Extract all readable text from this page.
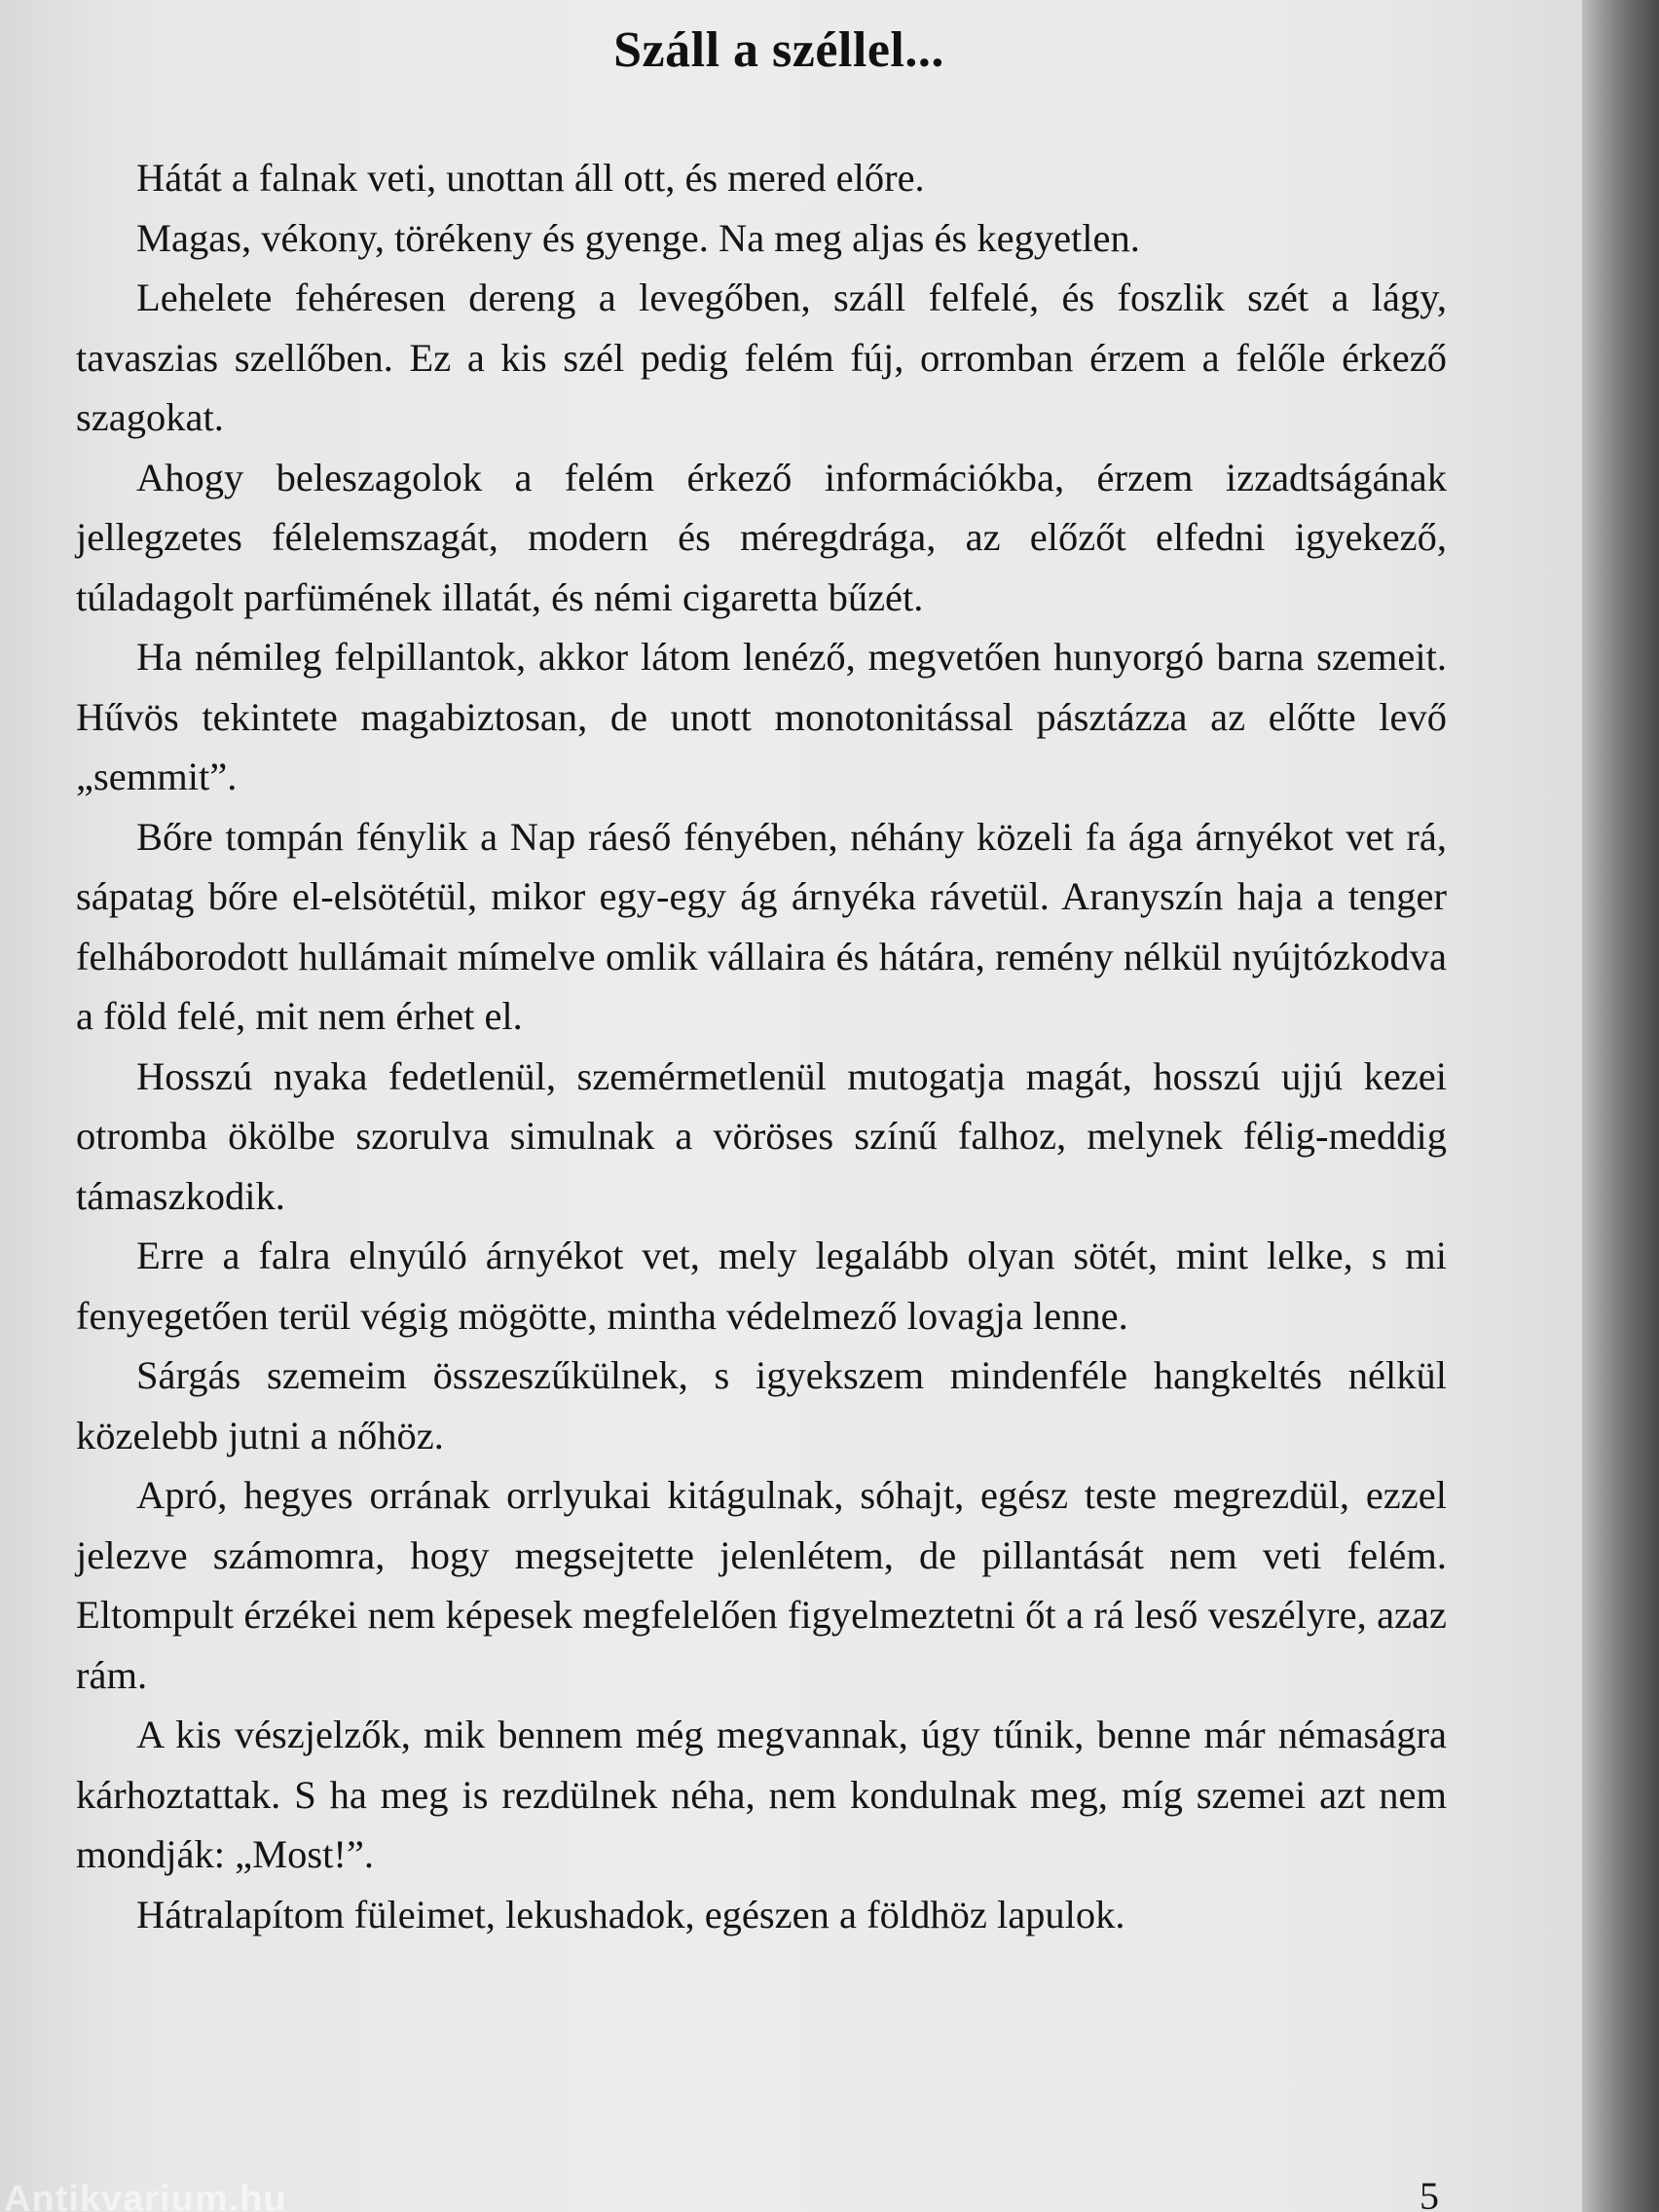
Száll a széllel...

Hátát a falnak veti, unottan áll ott, és mered előre.

Magas, vékony, törékeny és gyenge. Na meg aljas és kegyetlen.

Lehelete fehéresen dereng a levegőben, száll felfelé, és foszlik szét a lágy, tavaszias szellőben. Ez a kis szél pedig felém fúj, orromban érzem a felőle érkező szagokat.

Ahogy beleszagolok a felém érkező információkba, érzem izzadtságának jellegzetes félelemszagát, modern és méregdrága, az előzőt elfedni igyekező, túladagolt parfümének illatát, és némi cigaretta bűzét.

Ha némileg felpillantok, akkor látom lenéző, megvetően hunyorgó barna szemeit. Hűvös tekintete magabiztosan, de unott monotonitással pásztázza az előtte levő „semmit”.

Bőre tompán fénylik a Nap ráeső fényében, néhány közeli fa ága árnyékot vet rá, sápatag bőre el-elsötétül, mikor egy-egy ág árnyéka rávetül. Aranyszín haja a tenger felháborodott hullámait mímelve omlik vállaira és hátára, remény nélkül nyújtózkodva a föld felé, mit nem érhet el.

Hosszú nyaka fedetlenül, szemérmetlenül mutogatja magát, hosszú ujjú kezei otromba ökölbe szorulva simulnak a vöröses színű falhoz, melynek félig-meddig támaszkodik.

Erre a falra elnyúló árnyékot vet, mely legalább olyan sötét, mint lelke, s mi fenyegetően terül végig mögötte, mintha védelmező lovagja lenne.

Sárgás szemeim összeszűkülnek, s igyekszem mindenféle hangkeltés nélkül közelebb jutni a nőhöz.

Apró, hegyes orrának orrlyukai kitágulnak, sóhajt, egész teste megrezdül, ezzel jelezve számomra, hogy megsejtette jelenlétem, de pillantását nem veti felém. Eltompult érzékei nem képesek megfelelően figyelmeztetni őt a rá leső veszélyre, azaz rám.

A kis vészjelzők, mik bennem még megvannak, úgy tűnik, benne már némaságra kárhoztattak. S ha meg is rezdülnek néha, nem kondulnak meg, míg szemei azt nem mondják: „Most!”.

Hátralapítom füleimet, lekushadok, egészen a földhöz lapulok.

Antikvarium.hu	5
